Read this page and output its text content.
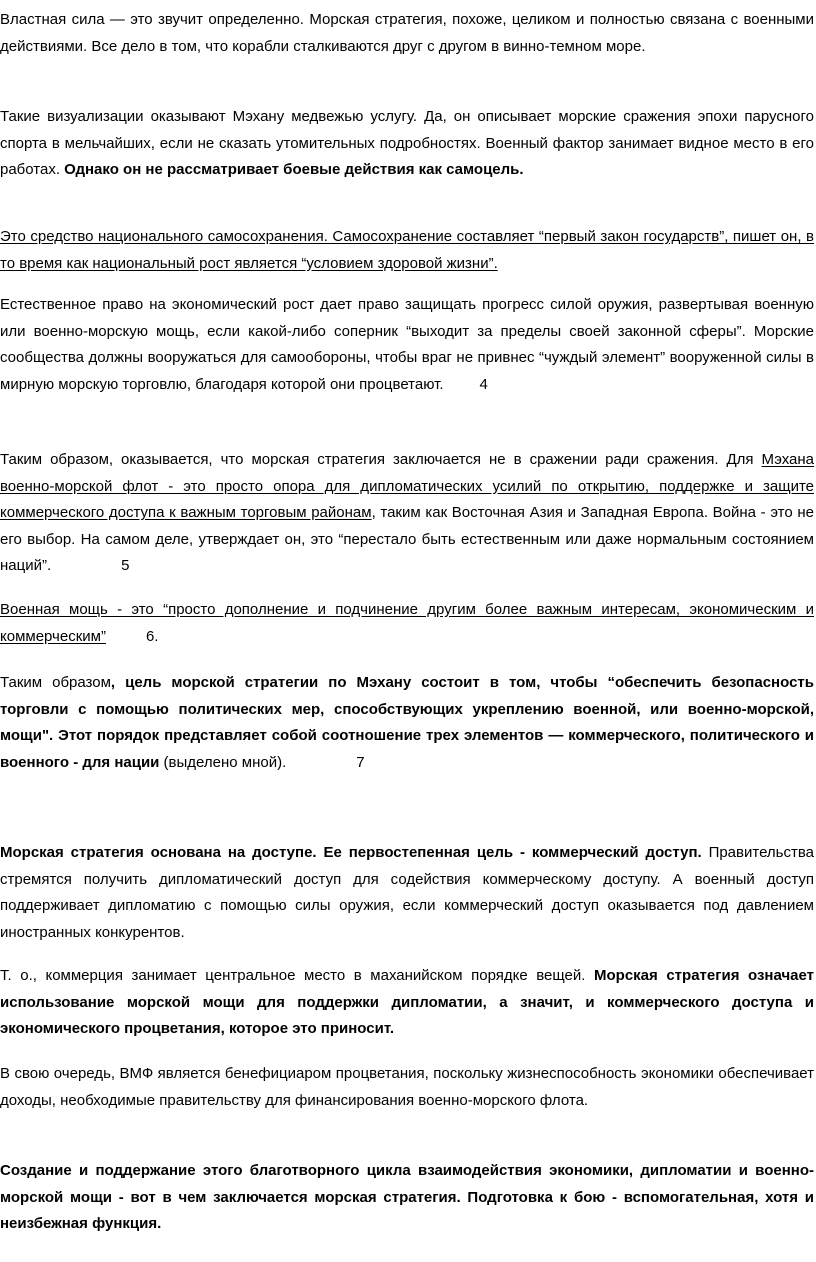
Властная сила — это звучит определенно. Морская стратегия, похоже, целиком и полностью связана с военными действиями. Все дело в том, что корабли сталкиваются друг с другом в винно-темном море.

Такие визуализации оказывают Мэхану медвежью услугу. Да, он описывает морские сражения эпохи парусного спорта в мельчайших, если не сказать утомительных подробностях. Военный фактор занимает видное место в его работах. Однако он не рассматривает боевые действия как самоцель.

Это средство национального самосохранения. Самосохранение составляет “первый закон государств”, пишет он, в то время как национальный рост является “условием здоровой жизни”.

Естественное право на экономический рост дает право защищать прогресс силой оружия, развертывая военную или военно-морскую мощь, если какой-либо соперник “выходит за пределы своей законной сферы”. Морские сообщества должны вооружаться для самообороны, чтобы враг не привнес “чуждый элемент” вооруженной силы в мирную морскую торговлю, благодаря которой они процветают. 4

Таким образом, оказывается, что морская стратегия заключается не в сражении ради сражения. Для Мэхана военно-морской флот - это просто опора для дипломатических усилий по открытию, поддержке и защите коммерческого доступа к важным торговым районам, таким как Восточная Азия и Западная Европа. Война - это не его выбор. На самом деле, утверждает он, это “перестало быть естественным или даже нормальным состоянием наций”.	5

Военная мощь - это “просто дополнение и подчинение другим более важным интересам, экономическим и коммерческим”	6.

Таким образом, цель морской стратегии по Мэхану состоит в том, чтобы “обеспечить безопасность торговли с помощью политических мер, способствующих укреплению военной, или военно-морской, мощи". Этот порядок представляет собой соотношение трех элементов — коммерческого, политического и военного - для нации (выделено мной).	7

Морская стратегия основана на доступе. Ее первостепенная цель - коммерческий доступ. Правительства стремятся получить дипломатический доступ для содействия коммерческому доступу. А военный доступ поддерживает дипломатию с помощью силы оружия, если коммерческий доступ оказывается под давлением иностранных конкурентов.

Т. о., коммерция занимает центральное место в маханийском порядке вещей. Морская стратегия означает использование морской мощи для поддержки дипломатии, а значит, и коммерческого доступа и экономического процветания, которое это приносит.

В свою очередь, ВМФ является бенефициаром процветания, поскольку жизнеспособность экономики обеспечивает доходы, необходимые правительству для финансирования военно-морского флота.

Создание и поддержание этого благотворного цикла взаимодействия экономики, дипломатии и военно-морской мощи - вот в чем заключается морская стратегия. Подготовка к бою - вспомогательная, хотя и неизбежная функция.
